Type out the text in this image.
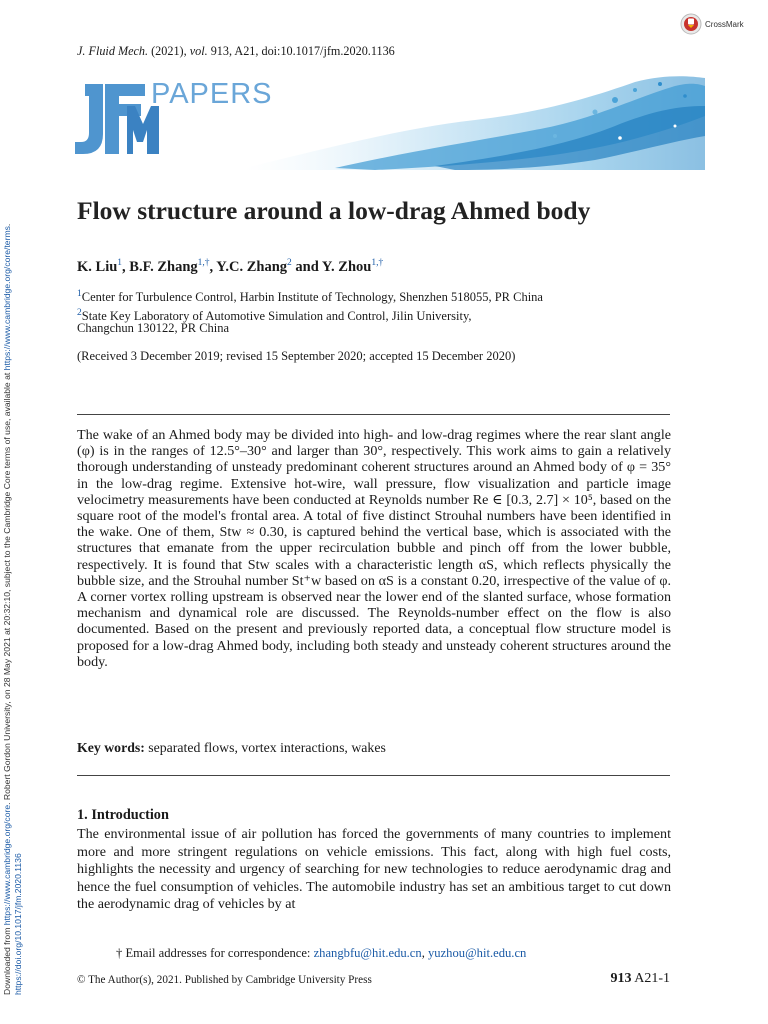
Downloaded from https://www.cambridge.org/core. Robert Gordon University, on 28 May 2021 at 20:32:10, subject to the Cambridge Core terms of use, available at https://www.cambridge.org/core/terms.
https://doi.org/10.1017/jfm.2020.1136
CrossMark
J. Fluid Mech. (2021), vol. 913, A21, doi:10.1017/jfm.2020.1136
PAPERS
Flow structure around a low-drag Ahmed body
K. Liu$^1$, B.F. Zhang$^{1,\dagger}$, Y.C. Zhang$^2$ and Y. Zhou$^{1,\dagger}$
$^1$Center for Turbulence Control, Harbin Institute of Technology, Shenzhen 518055, PR China
$^2$State Key Laboratory of Automotive Simulation and Control, Jilin University,
Changchun 130122, PR China
(Received 3 December 2019; revised 15 September 2020; accepted 15 December 2020)

The wake of an Ahmed body may be divided into high- and low-drag regimes where the rear slant angle (φ) is in the ranges of 12.5°–30° and larger than 30°, respectively. This work aims to gain a relatively thorough understanding of unsteady predominant coherent structures around an Ahmed body of φ = 35° in the low-drag regime. Extensive hot-wire, wall pressure, flow visualization and particle image velocimetry measurements have been conducted at Reynolds number Re ∈ [0.3, 2.7] × 10⁵, based on the square root of the model's frontal area. A total of five distinct Strouhal numbers have been identified in the wake. One of them, Stw ≈ 0.30, is captured behind the vertical base, which is associated with the structures that emanate from the upper recirculation bubble and pinch off from the lower bubble, respectively. It is found that Stw scales with a characteristic length αS, which reflects physically the bubble size, and the Strouhal number St⁺w based on αS is a constant 0.20, irrespective of the value of φ. A corner vortex rolling upstream is observed near the lower end of the slanted surface, whose formation mechanism and dynamical role are discussed. The Reynolds-number effect on the flow is also documented. Based on the present and previously reported data, a conceptual flow structure model is proposed for a low-drag Ahmed body, including both steady and unsteady coherent structures around the body.

Key words: separated flows, vortex interactions, wakes
1. Introduction

The environmental issue of air pollution has forced the governments of many countries to implement more and more stringent regulations on vehicle emissions. This fact, along with high fuel costs, highlights the necessity and urgency of searching for new technologies to reduce aerodynamic drag and hence the fuel consumption of vehicles. The automobile industry has set an ambitious target to cut down the aerodynamic drag of vehicles by at

† Email addresses for correspondence: zhangbfu@hit.edu.cn, yuzhou@hit.edu.cn
© The Author(s), 2021. Published by Cambridge University Press	913 A21-1
